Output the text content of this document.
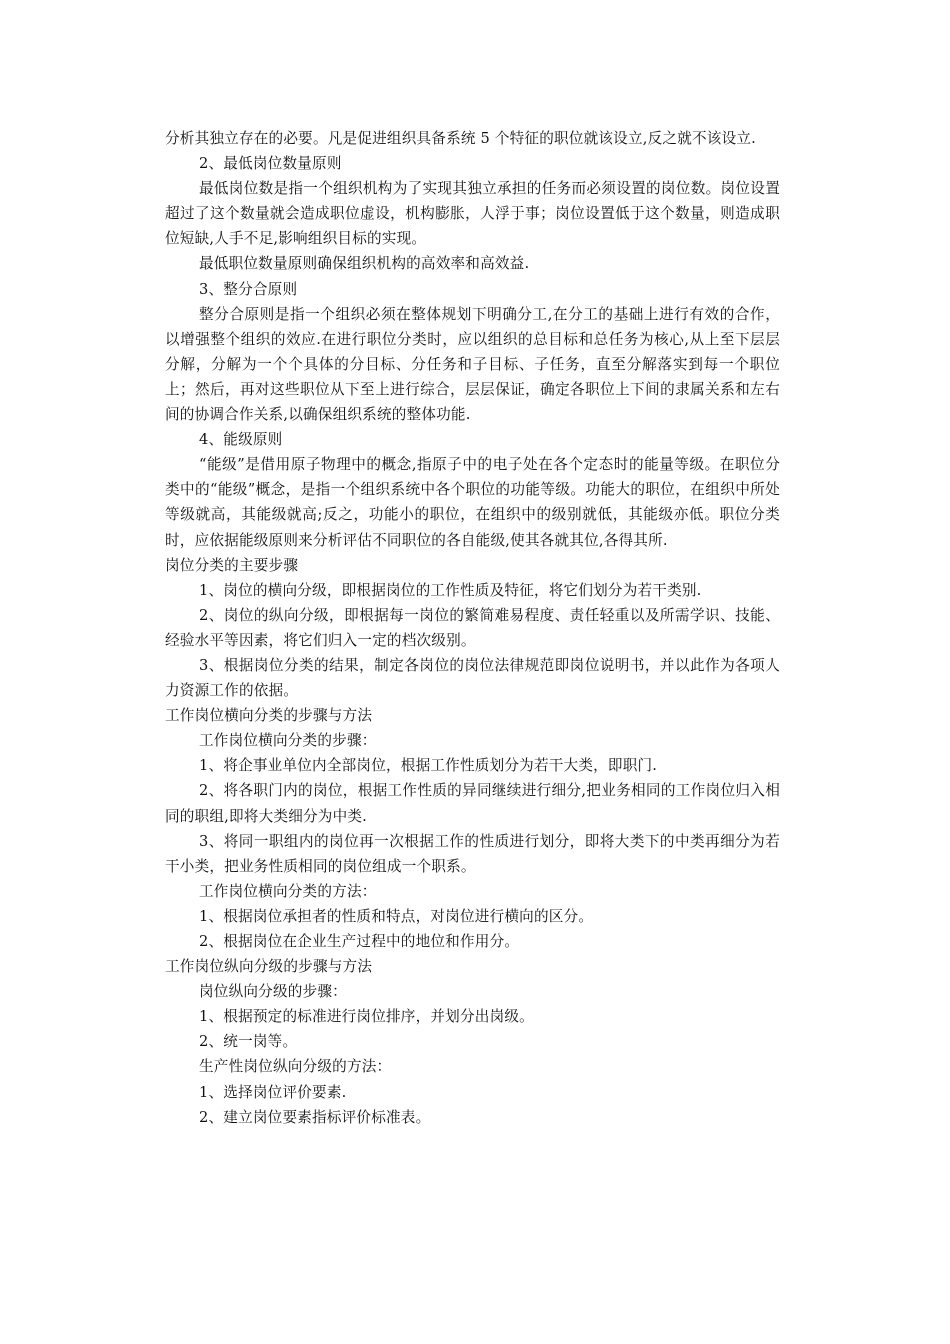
分析其独立存在的必要。凡是促进组织具备系统 5 个特征的职位就该设立,反之就不该设立.

2、最低岗位数量原则

最低岗位数是指一个组织机构为了实现其独立承担的任务而必须设置的岗位数。岗位设置超过了这个数量就会造成职位虚设，机构膨胀，人浮于事；岗位设置低于这个数量，则造成职位短缺,人手不足,影响组织目标的实现。

最低职位数量原则确保组织机构的高效率和高效益.

3、整分合原则

整分合原则是指一个组织必须在整体规划下明确分工,在分工的基础上进行有效的合作，以增强整个组织的效应.在进行职位分类时，应以组织的总目标和总任务为核心,从上至下层层分解，分解为一个个具体的分目标、分任务和子目标、子任务，直至分解落实到每一个职位上；然后，再对这些职位从下至上进行综合，层层保证，确定各职位上下间的隶属关系和左右间的协调合作关系,以确保组织系统的整体功能.

4、能级原则

“能级”是借用原子物理中的概念,指原子中的电子处在各个定态时的能量等级。在职位分类中的“能级”概念，是指一个组织系统中各个职位的功能等级。功能大的职位，在组织中所处等级就高，其能级就高;反之，功能小的职位，在组织中的级别就低，其能级亦低。职位分类时，应依据能级原则来分析评估不同职位的各自能级,使其各就其位,各得其所.

岗位分类的主要步骤

1、岗位的横向分级，即根据岗位的工作性质及特征，将它们划分为若干类别.

2、岗位的纵向分级，即根据每一岗位的繁简难易程度、责任轻重以及所需学识、技能、经验水平等因素，将它们归入一定的档次级别。

3、根据岗位分类的结果，制定各岗位的岗位法律规范即岗位说明书，并以此作为各项人力资源工作的依据。

工作岗位横向分类的步骤与方法

工作岗位横向分类的步骤：

1、将企事业单位内全部岗位，根据工作性质划分为若干大类，即职门.

2、将各职门内的岗位，根据工作性质的异同继续进行细分,把业务相同的工作岗位归入相同的职组,即将大类细分为中类.

3、将同一职组内的岗位再一次根据工作的性质进行划分，即将大类下的中类再细分为若干小类，把业务性质相同的岗位组成一个职系。

工作岗位横向分类的方法：

1、根据岗位承担者的性质和特点，对岗位进行横向的区分。

2、根据岗位在企业生产过程中的地位和作用分。

工作岗位纵向分级的步骤与方法

岗位纵向分级的步骤：

1、根据预定的标准进行岗位排序，并划分出岗级。

2、统一岗等。

生产性岗位纵向分级的方法：

1、选择岗位评价要素.

2、建立岗位要素指标评价标准表。
